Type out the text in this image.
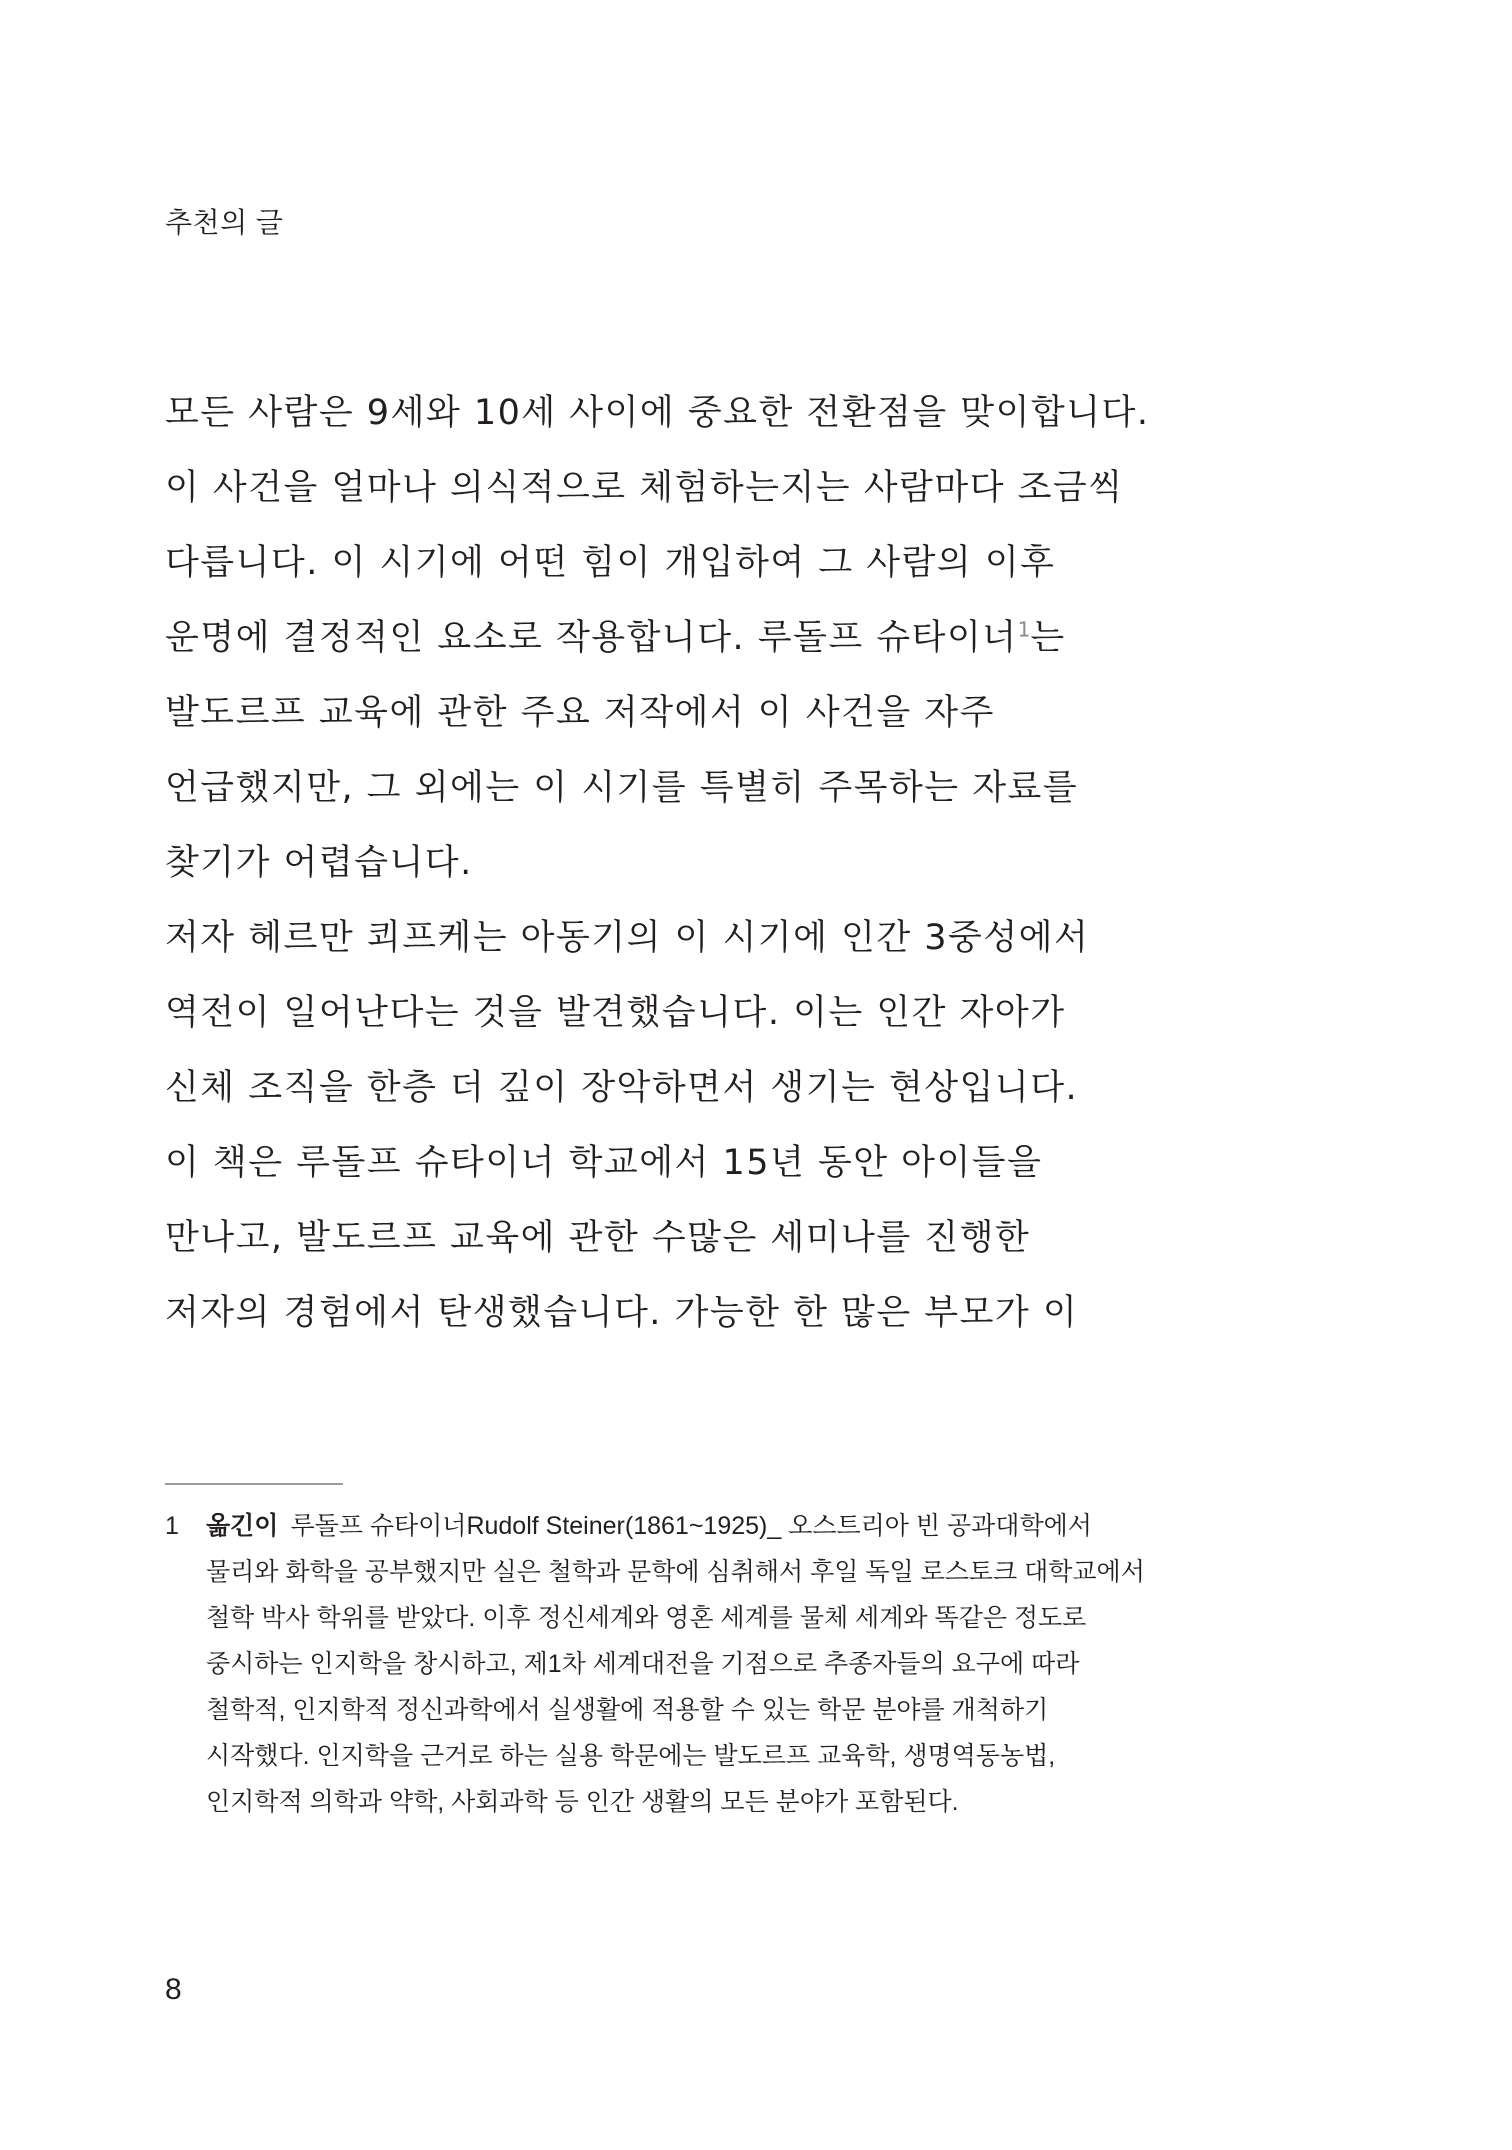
추천의 글
모든 사람은 9세와 10세 사이에 중요한 전환점을 맞이합니다.
이 사건을 얼마나 의식적으로 체험하는지는 사람마다 조금씩
다릅니다. 이 시기에 어떤 힘이 개입하여 그 사람의 이후
운명에 결정적인 요소로 작용합니다. 루돌프 슈타이너$^1$는
발도르프 교육에 관한 주요 저작에서 이 사건을 자주
언급했지만, 그 외에는 이 시기를 특별히 주목하는 자료를
찾기가 어렵습니다.
저자 헤르만 쾨프케는 아동기의 이 시기에 인간 3중성에서
역전이 일어난다는 것을 발견했습니다. 이는 인간 자아가
신체 조직을 한층 더 깊이 장악하면서 생기는 현상입니다.
이 책은 루돌프 슈타이너 학교에서 15년 동안 아이들을
만나고, 발도르프 교육에 관한 수많은 세미나를 진행한
저자의 경험에서 탄생했습니다. 가능한 한 많은 부모가 이
1	옮긴이 루돌프 슈타이너Rudolf Steiner(1861~1925)_ 오스트리아 빈 공과대학에서
물리와 화학을 공부했지만 실은 철학과 문학에 심취해서 후일 독일 로스토크 대학교에서
철학 박사 학위를 받았다. 이후 정신세계와 영혼 세계를 물체 세계와 똑같은 정도로
중시하는 인지학을 창시하고, 제1차 세계대전을 기점으로 추종자들의 요구에 따라
철학적, 인지학적 정신과학에서 실생활에 적용할 수 있는 학문 분야를 개척하기
시작했다. 인지학을 근거로 하는 실용 학문에는 발도르프 교육학, 생명역동농법,
인지학적 의학과 약학, 사회과학 등 인간 생활의 모든 분야가 포함된다.
8
